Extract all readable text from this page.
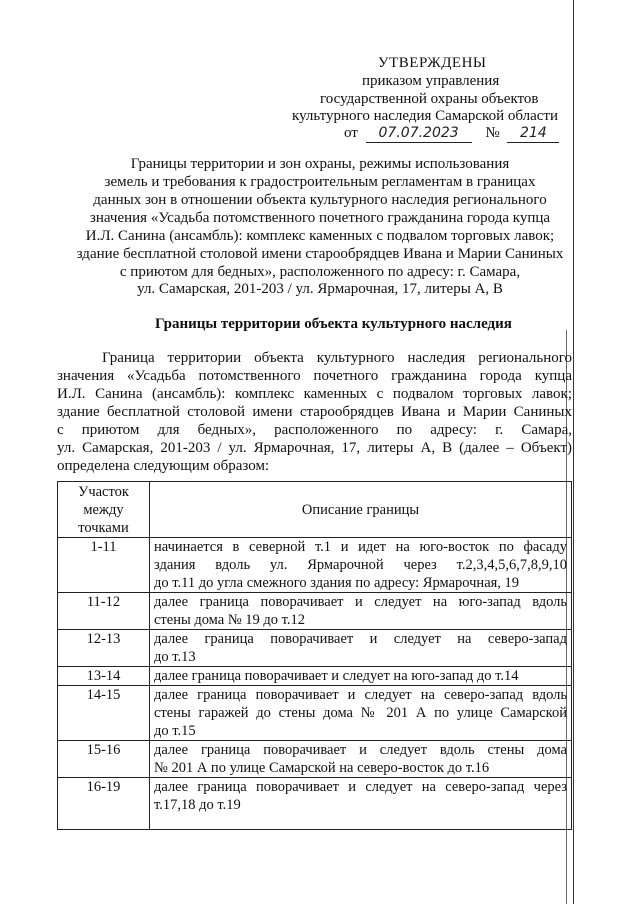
УТВЕРЖДЕНЫ
приказом управления
государственной охраны объектов
культурного наследия Самарской области
от 07.07.2023 № 214
Границы территории и зон охраны, режимы использования
земель и требования к градостроительным регламентам в границах
данных зон в отношении объекта культурного наследия регионального
значения «Усадьба потомственного почетного гражданина города купца
И.Л. Санина (ансамбль): комплекс каменных с подвалом торговых лавок;
здание бесплатной столовой имени старообрядцев Ивана и Марии Саниных
с приютом для бедных», расположенного по адресу: г. Самара,
ул. Самарская, 201-203 / ул. Ярмарочная, 17, литеры А, В
Границы территории объекта культурного наследия
Граница территории объекта культурного наследия регионального
значения «Усадьба потомственного почетного гражданина города купца
И.Л. Санина (ансамбль): комплекс каменных с подвалом торговых лавок;
здание бесплатной столовой имени старообрядцев Ивана и Марии Саниных
с приютом для бедных», расположенного по адресу: г. Самара,
ул. Самарская, 201-203 / ул. Ярмарочная, 17, литеры А, В (далее – Объект)
определена следующим образом:
Участок
между
точками	Описание границы
1-11	начинается в северной т.1 и идет на юго-восток по фасаду
здания вдоль ул. Ярмарочной через т.2,3,4,5,6,7,8,9,10
до т.11 до угла смежного здания по адресу: Ярмарочная, 19

11-12	далее граница поворачивает и следует на юго-запад вдоль
стены дома № 19 до т.12

12-13	далее граница поворачивает и следует на северо-запад
до т.13

13-14	далее граница поворачивает и следует на юго-запад до т.14

14-15	далее граница поворачивает и следует на северо-запад вдоль
стены гаражей до стены дома № 201 А по улице Самарской
до т.15

15-16	далее граница поворачивает и следует вдоль стены дома
№ 201 А по улице Самарской на северо-восток до т.16

16-19	далее граница поворачивает и следует на северо-запад через
т.17,18 до т.19
